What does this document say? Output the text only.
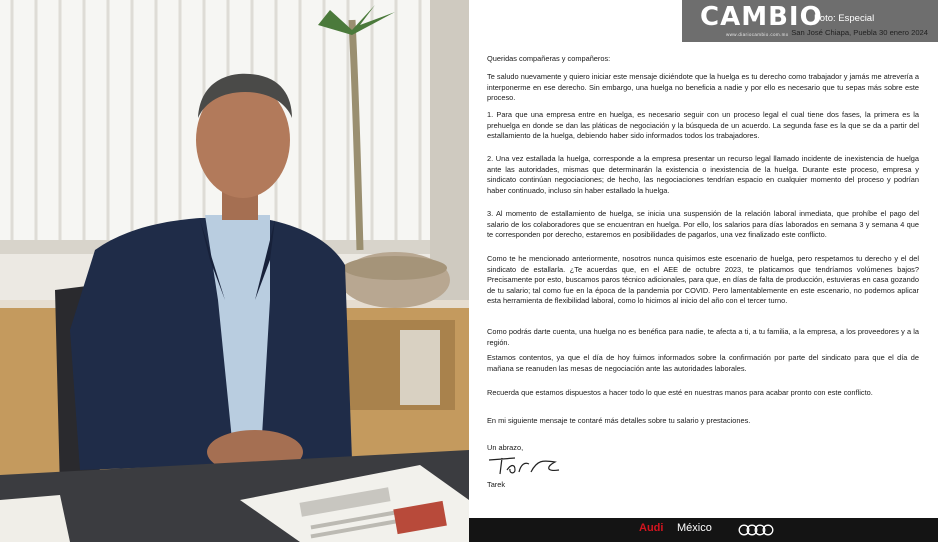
CAMBIO
www.diariocambio.com.mx
Foto: Especial
San José Chiapa, Puebla 30 enero 2024

Queridas compañeras y compañeros:

Te saludo nuevamente y quiero iniciar este mensaje diciéndote que la huelga es tu derecho como trabajador y jamás me atrevería a interponerme en ese derecho. Sin embargo, una huelga no beneficia a nadie y por ello es necesario que tu sepas más sobre este proceso.

1. Para que una empresa entre en huelga, es necesario seguir con un proceso legal el cual tiene dos fases, la primera es la prehuelga en donde se dan las pláticas de negociación y la búsqueda de un acuerdo. La segunda fase es la que se da a partir del estallamiento de la huelga, debiendo haber sido informados todos los trabajadores.

2. Una vez estallada la huelga, corresponde a la empresa presentar un recurso legal llamado incidente de inexistencia de huelga ante las autoridades, mismas que determinarán la existencia o inexistencia de la huelga. Durante este proceso, empresa y sindicato continúan negociaciones; de hecho, las negociaciones tendrían espacio en cualquier momento del proceso y podrían haber continuado, incluso sin haber estallado la huelga.

3. Al momento de estallamiento de huelga, se inicia una suspensión de la relación laboral inmediata, que prohíbe el pago del salario de los colaboradores que se encuentran en huelga. Por ello, los salarios para días laborados en semana 3 y semana 4 que te corresponden por derecho, estaremos en posibilidades de pagarlos, una vez finalizado este conflicto.

Como te he mencionado anteriormente, nosotros nunca quisimos este escenario de huelga, pero respetamos tu derecho y el del sindicato de estallarla. ¿Te acuerdas que, en el AEE de octubre 2023, te platicamos que tendríamos volúmenes bajos? Precisamente por esto, buscamos paros técnico adicionales, para que, en días de falta de producción, estuvieras en casa gozando de tu salario; tal como fue en la época de la pandemia por COVID. Pero lamentablemente en este escenario, no podemos aplicar esta herramienta de flexibilidad laboral, como lo hicimos al inicio del año con el tercer turno.

Como podrás darte cuenta, una huelga no es benéfica para nadie, te afecta a ti, a tu familia, a la empresa, a los proveedores y a la región.

Estamos contentos, ya que el día de hoy fuimos informados sobre la confirmación por parte del sindicato para que el día de mañana se reanuden las mesas de negociación ante las autoridades laborales.

Recuerda que estamos dispuestos a hacer todo lo que esté en nuestras manos para acabar pronto con este conflicto.

En mi siguiente mensaje te contaré más detalles sobre tu salario y prestaciones.

Un abrazo,
Tarek
Audi México
